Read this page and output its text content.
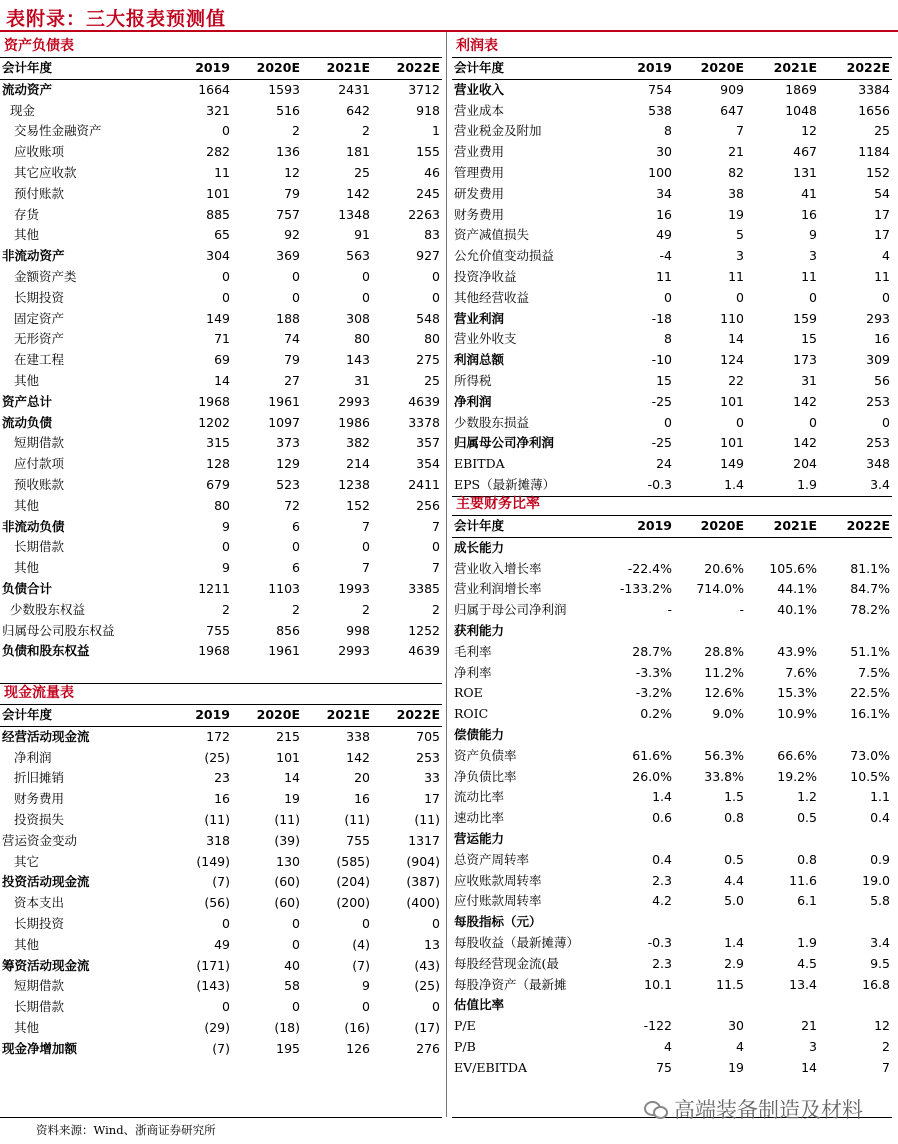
表附录：三大报表预测值
资产负债表
会计年度	2019	2020E	2021E	2022E
流动资产	1664	1593	2431	3712
现金	321	516	642	918
交易性金融资产	0	2	2	1
应收账项	282	136	181	155
其它应收款	11	12	25	46
预付账款	101	79	142	245
存货	885	757	1348	2263
其他	65	92	91	83
非流动资产	304	369	563	927
金额资产类	0	0	0	0
长期投资	0	0	0	0
固定资产	149	188	308	548
无形资产	71	74	80	80
在建工程	69	79	143	275
其他	14	27	31	25
资产总计	1968	1961	2993	4639
流动负债	1202	1097	1986	3378
短期借款	315	373	382	357
应付款项	128	129	214	354
预收账款	679	523	1238	2411
其他	80	72	152	256
非流动负债	9	6	7	7
长期借款	0	0	0	0
其他	9	6	7	7
负债合计	1211	1103	1993	3385
少数股东权益	2	2	2	2
归属母公司股东权益	755	856	998	1252
负债和股东权益	1968	1961	2993	4639

现金流量表
会计年度	2019	2020E	2021E	2022E
经营活动现金流	172	215	338	705
净利润	(25)	101	142	253
折旧摊销	23	14	20	33
财务费用	16	19	16	17
投资损失	(11)	(11)	(11)	(11)
营运资金变动	318	(39)	755	1317
其它	(149)	130	(585)	(904)
投资活动现金流	(7)	(60)	(204)	(387)
资本支出	(56)	(60)	(200)	(400)
长期投资	0	0	0	0
其他	49	0	(4)	13
筹资活动现金流	(171)	40	(7)	(43)
短期借款	(143)	58	9	(25)
长期借款	0	0	0	0
其他	(29)	(18)	(16)	(17)
现金净增加额	(7)	195	126	276

利润表
会计年度	2019	2020E	2021E	2022E
营业收入	754	909	1869	3384
营业成本	538	647	1048	1656
营业税金及附加	8	7	12	25
营业费用	30	21	467	1184
管理费用	100	82	131	152
研发费用	34	38	41	54
财务费用	16	19	16	17
资产减值损失	49	5	9	17
公允价值变动损益	-4	3	3	4
投资净收益	11	11	11	11
其他经营收益	0	0	0	0
营业利润	-18	110	159	293
营业外收支	8	14	15	16
利润总额	-10	124	173	309
所得税	15	22	31	56
净利润	-25	101	142	253
少数股东损益	0	0	0	0
归属母公司净利润	-25	101	142	253
EBITDA	24	149	204	348
EPS（最新摊薄）	-0.3	1.4	1.9	3.4
主要财务比率
会计年度	2019	2020E	2021E	2022E
成长能力				
营业收入增长率	-22.4%	20.6%	105.6%	81.1%
营业利润增长率	-133.2%	714.0%	44.1%	84.7%
归属于母公司净利润	-	-	40.1%	78.2%
获利能力				
毛利率	28.7%	28.8%	43.9%	51.1%
净利率	-3.3%	11.2%	7.6%	7.5%
ROE	-3.2%	12.6%	15.3%	22.5%
ROIC	0.2%	9.0%	10.9%	16.1%
偿债能力				
资产负债率	61.6%	56.3%	66.6%	73.0%
净负债比率	26.0%	33.8%	19.2%	10.5%
流动比率	1.4	1.5	1.2	1.1
速动比率	0.6	0.8	0.5	0.4
营运能力				
总资产周转率	0.4	0.5	0.8	0.9
应收账款周转率	2.3	4.4	11.6	19.0
应付账款周转率	4.2	5.0	6.1	5.8
每股指标（元）				
每股收益（最新摊薄）	-0.3	1.4	1.9	3.4
每股经营现金流(最	2.3	2.9	4.5	9.5
每股净资产（最新摊	10.1	11.5	13.4	16.8
估值比率				
P/E	-122	30	21	12
P/B	4	4	3	2
EV/EBITDA	75	19	14	7
资料来源：Wind、浙商证券研究所
高端装备制造及材料
